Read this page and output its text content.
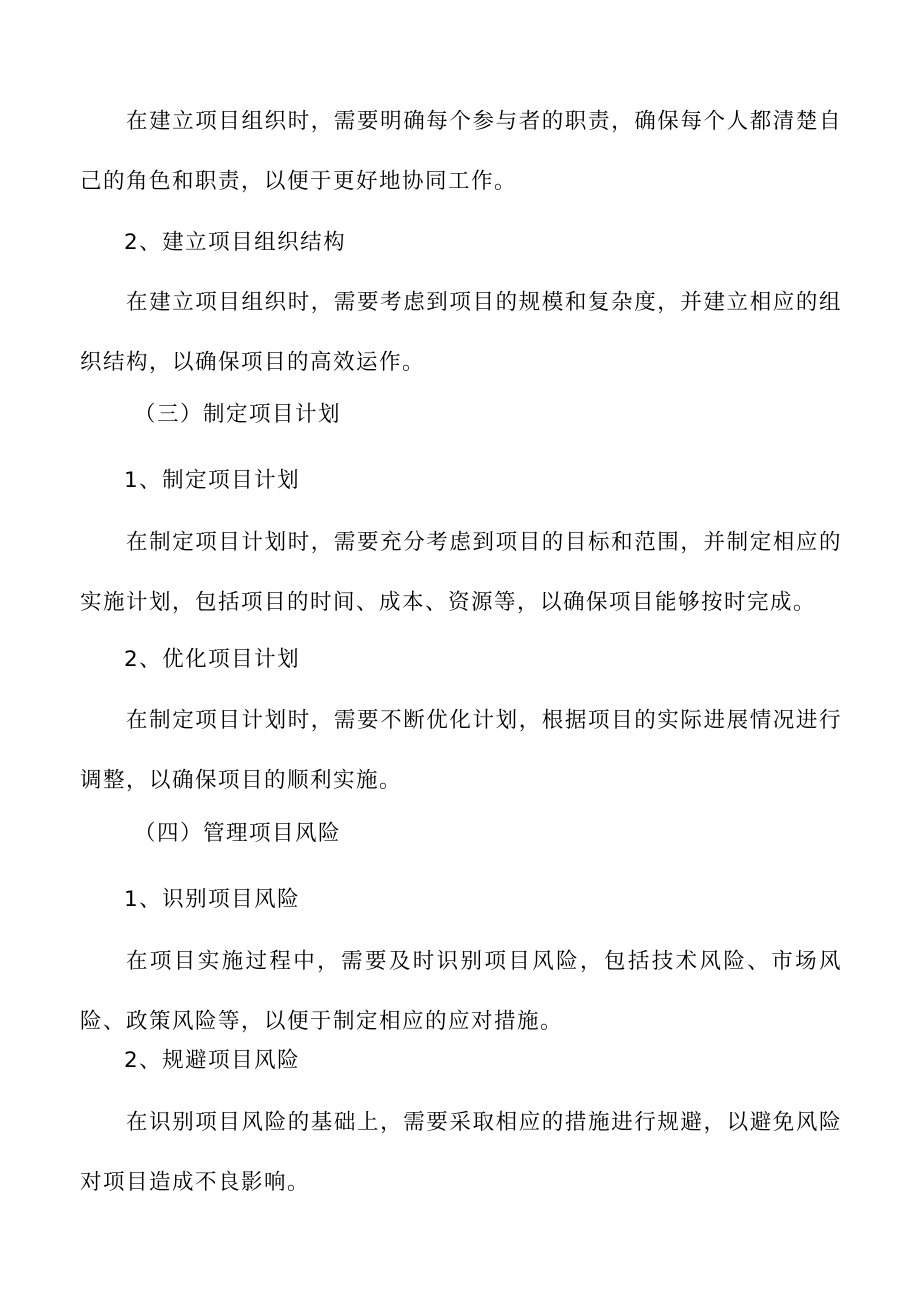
在建立项目组织时，需要明确每个参与者的职责，确保每个人都清楚自己的角色和职责，以便于更好地协同工作。

2、建立项目组织结构

在建立项目组织时，需要考虑到项目的规模和复杂度，并建立相应的组织结构，以确保项目的高效运作。

（三）制定项目计划
1、制定项目计划

在制定项目计划时，需要充分考虑到项目的目标和范围，并制定相应的实施计划，包括项目的时间、成本、资源等，以确保项目能够按时完成。

2、优化项目计划

在制定项目计划时，需要不断优化计划，根据项目的实际进展情况进行调整，以确保项目的顺利实施。

（四）管理项目风险
1、识别项目风险

在项目实施过程中，需要及时识别项目风险，包括技术风险、市场风险、政策风险等，以便于制定相应的应对措施。

2、规避项目风险

在识别项目风险的基础上，需要采取相应的措施进行规避，以避免风险对项目造成不良影响。
